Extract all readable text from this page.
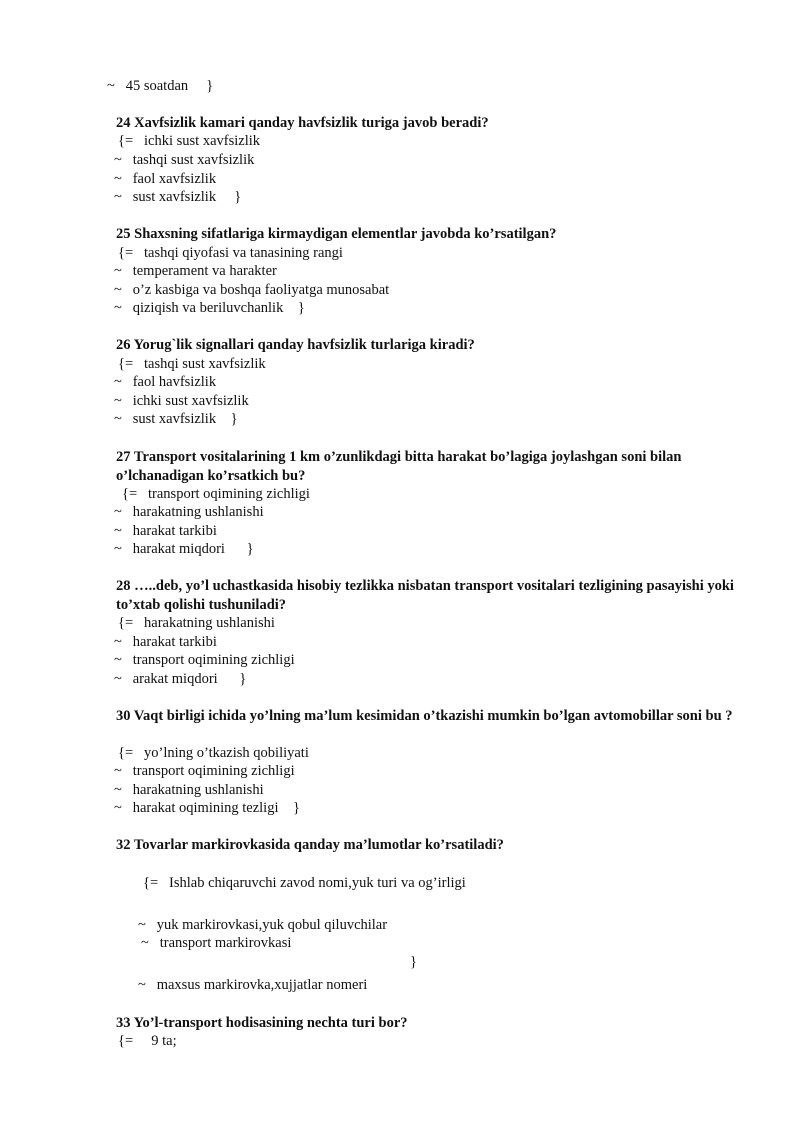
~   45 soatdan     }
24 Xavfsizlik kamari qanday havfsizlik turiga javob beradi?
{=   ichki sust xavfsizlik
~   tashqi sust xavfsizlik
~   faol xavfsizlik
~   sust xavfsizlik     }
25 Shaxsning sifatlariga kirmaydigan elementlar javobda ko’rsatilgan?
{=   tashqi qiyofasi va tanasining rangi
~   temperament va harakter
~   o’z kasbiga va boshqa faoliyatga munosabat
~   qiziqish va beriluvchanlik    }
26 Yorug`lik signallari qanday havfsizlik turlariga kiradi?
{=   tashqi sust xavfsizlik
~   faol havfsizlik
~   ichki sust xavfsizlik
~   sust xavfsizlik    }
27 Transport vositalarining 1 km o’zunlikdagi bitta harakat bo’lagiga joylashgan soni bilan o’lchanadigan ko’rsatkich bu?
{=   transport oqimining zichligi
~   harakatning ushlanishi
~   harakat tarkibi
~   harakat miqdori      }
28 …..deb, yo’l uchastkasida hisobiy tezlikka nisbatan transport vositalari tezligining pasayishi yoki to’xtab qolishi tushuniladi?
{=   harakatning ushlanishi
~   harakat tarkibi
~   transport oqimining zichligi
~   arakat miqdori      }
30 Vaqt birligi ichida yo’lning ma’lum kesimidan o’tkazishi mumkin bo’lgan avtomobillar soni bu ?
{=   yo’lning o’tkazish qobiliyati
~   transport oqimining zichligi
~   harakatning ushlanishi
~   harakat oqimining tezligi    }
32 Tovarlar markirovkasida qanday ma’lumotlar ko’rsatiladi?
{=   Ishlab chiqaruvchi zavod nomi,yuk turi va og’irligi
~   yuk markirovkasi,yuk qobul qiluvchilar
~   transport markirovkasi
}
~   maxsus markirovka,xujjatlar nomeri
33 Yo’l-transport hodisasining nechta turi bor?
{=     9 ta;
